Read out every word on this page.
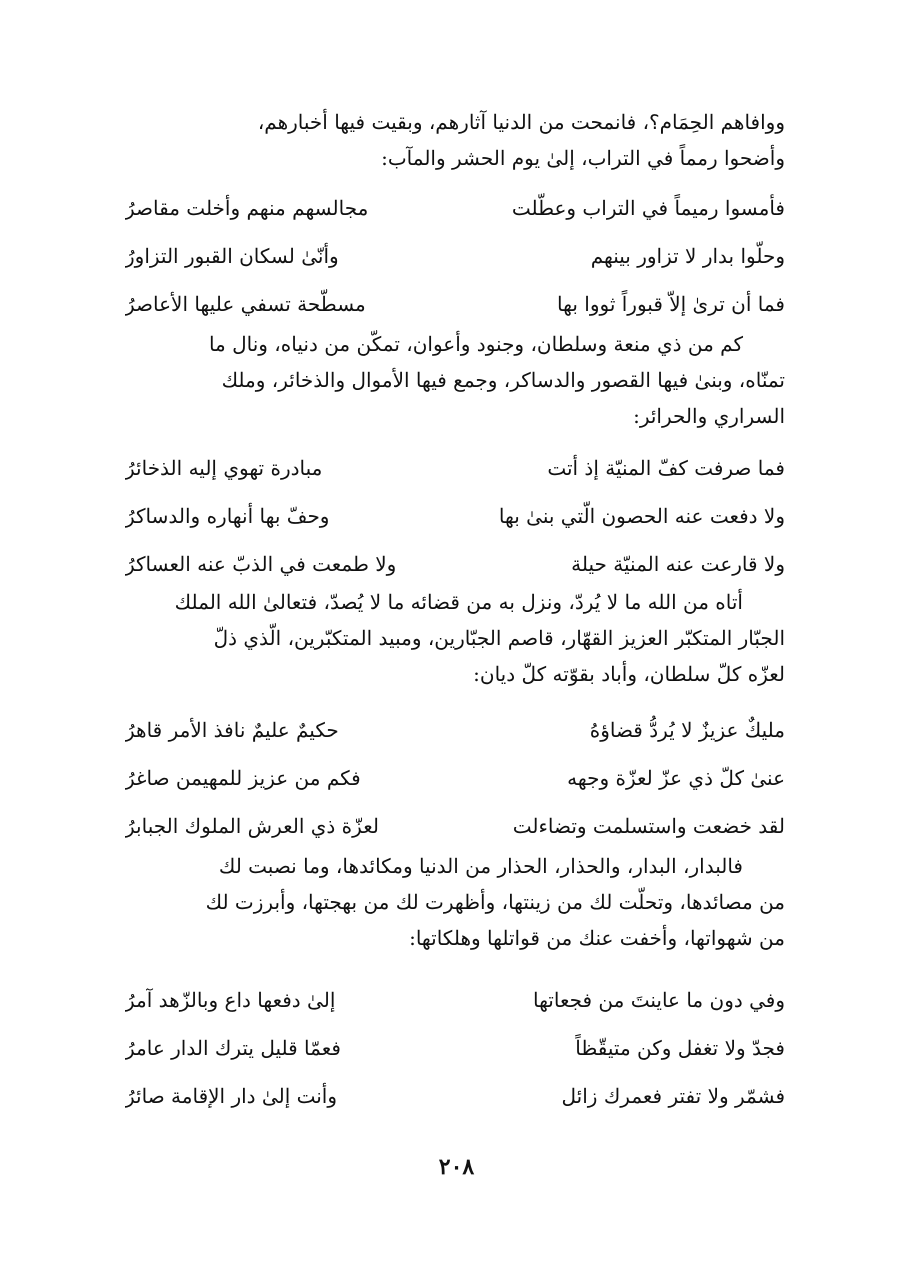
ووافاهم الحِمَام؟، فانمحت من الدنيا آثارهم، وبقيت فيها أخبارهم،
وأضحوا رمماً في التراب، إلىٰ يوم الحشر والمآب:
فأمسوا رميماً في التراب وعطّلت
مجالسهم منهم وأخلت مقاصرُ
وحلّوا بدار لا تزاور بينهم
وأنّىٰ لسكان القبور التزاورُ
فما أن ترىٰ إلاّ قبوراً ثووا بها
مسطّحة تسفي عليها الأعاصرُ
كم من ذي منعة وسلطان، وجنود وأعوان، تمكّن من دنياه، ونال ما
تمنّاه، وبنىٰ فيها القصور والدساكر، وجمع فيها الأموال والذخائر، وملك
السراري والحرائر:
فما صرفت كفّ المنيّة إذ أتت
مبادرة تهوي إليه الذخائرُ
ولا دفعت عنه الحصون الّتي بنىٰ بها
وحفّ بها أنهاره والدساكرُ
ولا قارعت عنه المنيّة حيلة
ولا طمعت في الذبّ عنه العساكرُ
أتاه من الله ما لا يُردّ، ونزل به من قضائه ما لا يُصدّ، فتعالىٰ الله الملك
الجبّار المتكبّر العزيز القهّار، قاصم الجبّارين، ومبيد المتكبّرين، الّذي ذلّ
لعزّه كلّ سلطان، وأباد بقوّته كلّ ديان:
مليكٌ عزيزٌ لا يُردُّ قضاؤهُ
حكيمٌ عليمٌ نافذ الأمر قاهرُ
عنىٰ كلّ ذي عزّ لعزّة وجهه
فكم من عزيز للمهيمن صاغرُ
لقد خضعت واستسلمت وتضاءلت
لعزّة ذي العرش الملوك الجبابرُ
فالبدار، البدار، والحذار، الحذار من الدنيا ومكائدها، وما نصبت لك
من مصائدها، وتحلّت لك من زينتها، وأظهرت لك من بهجتها، وأبرزت لك
من شهواتها، وأخفت عنك من قواتلها وهلكاتها:
وفي دون ما عاينتَ من فجعاتها
إلىٰ دفعها داع وبالزّهد آمرُ
فجدّ ولا تغفل وكن متيقّظاً
فعمّا قليل يترك الدار عامرُ
فشمّر ولا تفتر فعمرك زائل
وأنت إلىٰ دار الإقامة صائرُ
٢٠٨
